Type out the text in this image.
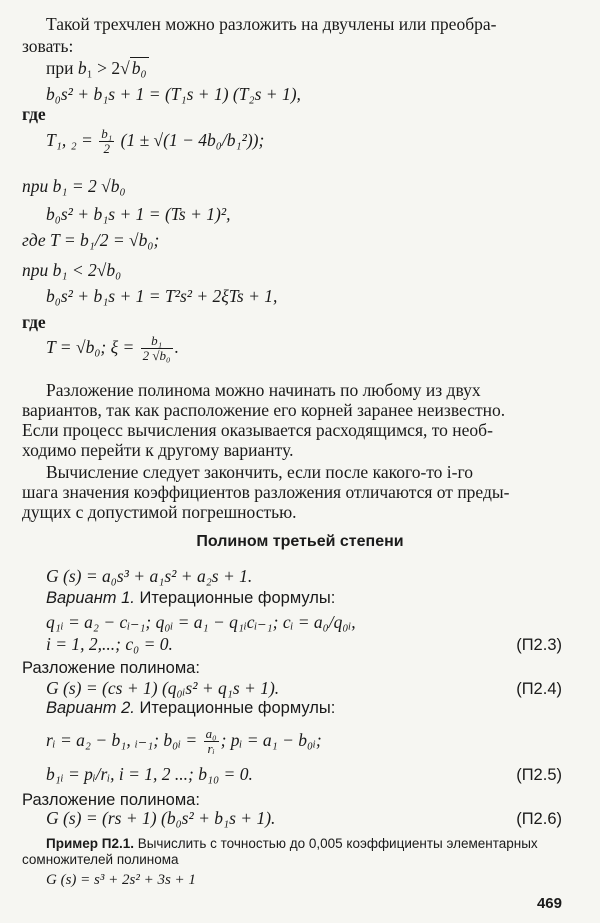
Такой трехчлен можно разложить на двучлены или преобра-
зовать:
при b₁ > 2√ b₀
b₀s² + b₁s + 1 = (T₁s + 1) (T₂s + 1),
где
T₁, $_2 = \frac{\text{b₁}}{2} (1 \pm √(1 - 4b_0/b_1^2))$;
при b₁ = 2 √b₀
b₀s² + b₁s + 1 = (Ts + 1)²,
где T = b₁/2 = √b₀;
при b₁ < 2√b₀
b₀s² + b₁s + 1 = T²s² + 2ξTs + 1,
где
T = √b₀; $\xi = \frac{\text{b₁}}{\text{2 √b₀}}$ .
Разложение полинома можно начинать по любому из двух
вариантов, так как расположение его корней заранее неизвестно.
Если процесс вычисления оказывается расходящимся, то необ-
ходимо перейти к другому варианту.
Вычисление следует закончить, если после какого-то i-го
шага значения коэффициентов разложения отличаются от преды-
дущих с допустимой погрешностью.
Полином третьей степени
G (s) = a₀s³ + a₁s² + a₂s + 1.
Вариант 1. Итерационные формулы:
q₁ᵢ = a₂ − cᵢ₋₁; q₀ᵢ = a₁ − q₁ᵢcᵢ₋₁; cᵢ = a₀/q₀ᵢ,
i = 1, 2,...; c₀ = 0.	(П2.3)
Разложение полинома:
G (s) = (cs + 1) (q₀ᵢs² + q₁s + 1).	(П2.4)
Вариант 2. Итерационные формулы:
rᵢ = a₂ − b₁, ᵢ₋₁; b₀ᵢ = $\frac{\text{a₀}}{\text{rᵢ}}$ ; pᵢ = a₁ − b₀ᵢ;
b₁ᵢ = pᵢ/rᵢ, i = 1, 2 ...; b₁₀ = 0.	(П2.5)
Разложение полинома:
G (s) = (rs + 1) (b₀s² + b₁s + 1).	(П2.6)
Пример П2.1. Вычислить с точностью до 0,005 коэффициенты элементарных
сомножителей полинома
G (s) = s³ + 2s² + 3s + 1
469
